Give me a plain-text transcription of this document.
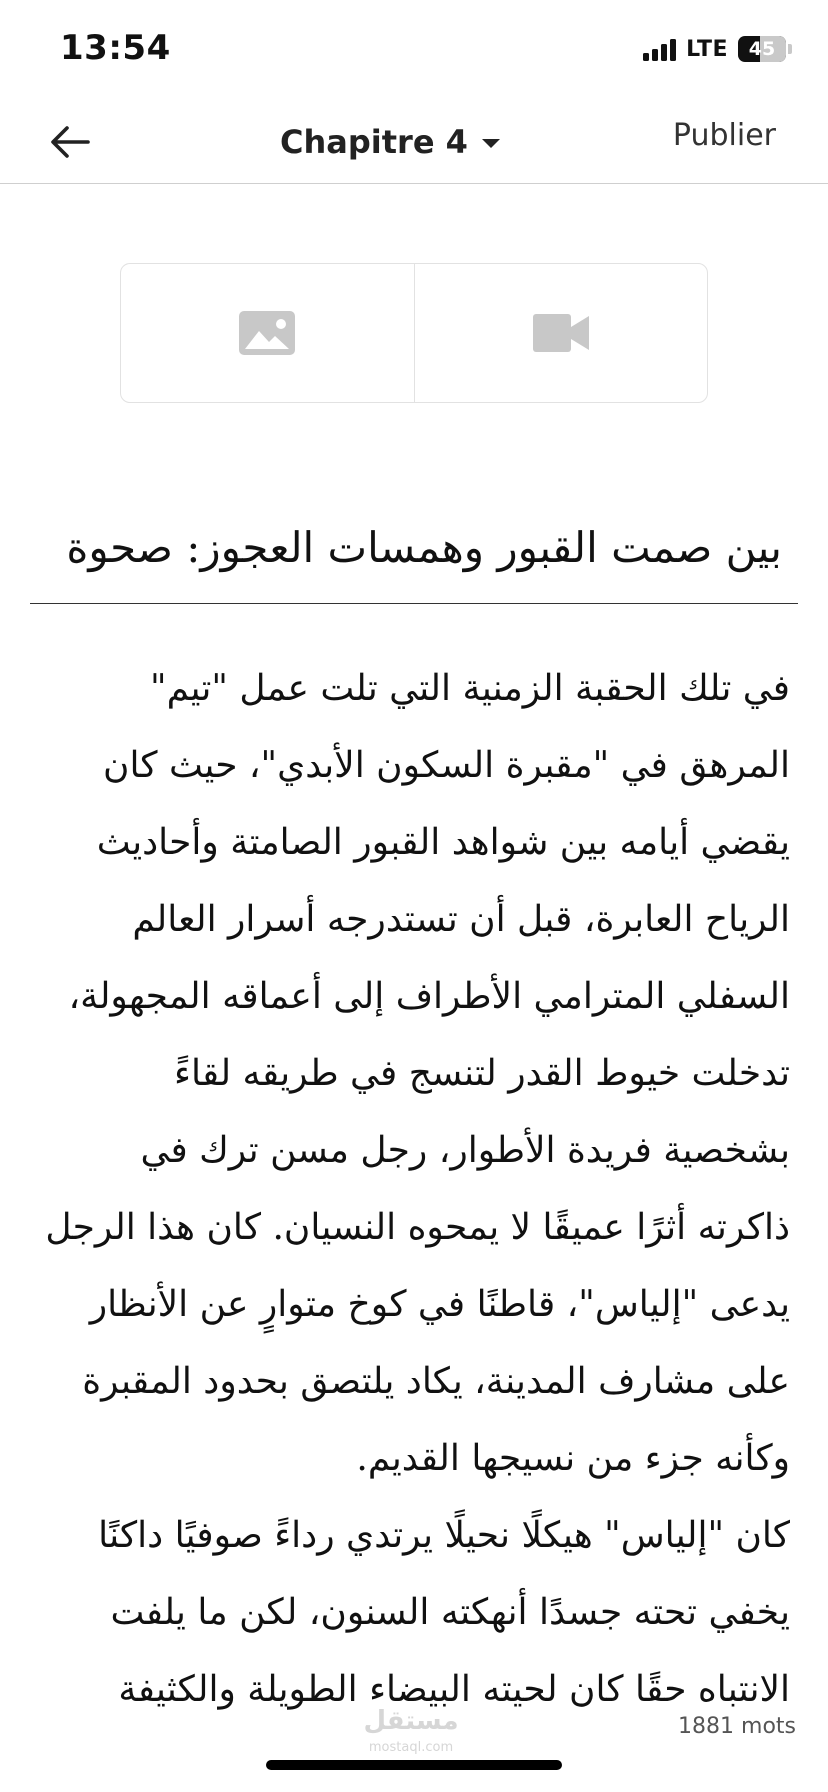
13:54	LTE	45
Chapitre 4	Publier
بين صمت القبور وهمسات العجوز: صحوة

في تلك الحقبة الزمنية التي تلت عمل "تيم" المرهق في "مقبرة السكون الأبدي"، حيث كان يقضي أيامه بين شواهد القبور الصامتة وأحاديث الرياح العابرة، قبل أن تستدرجه أسرار العالم السفلي المترامي الأطراف إلى أعماقه المجهولة، تدخلت خيوط القدر لتنسج في طريقه لقاءً بشخصية فريدة الأطوار، رجل مسن ترك في ذاكرته أثرًا عميقًا لا يمحوه النسيان. كان هذا الرجل يدعى "إلياس"، قاطنًا في كوخ متوارٍ عن الأنظار على مشارف المدينة، يكاد يلتصق بحدود المقبرة وكأنه جزء من نسيجها القديم.

كان "إلياس" هيكلًا نحيلًا يرتدي رداءً صوفيًا داكنًا يخفي تحته جسدًا أنهكته السنون، لكن ما يلفت الانتباه حقًا كان لحيته البيضاء الطويلة والكثيفة

مستقل
mostaql.com
1881 mots
